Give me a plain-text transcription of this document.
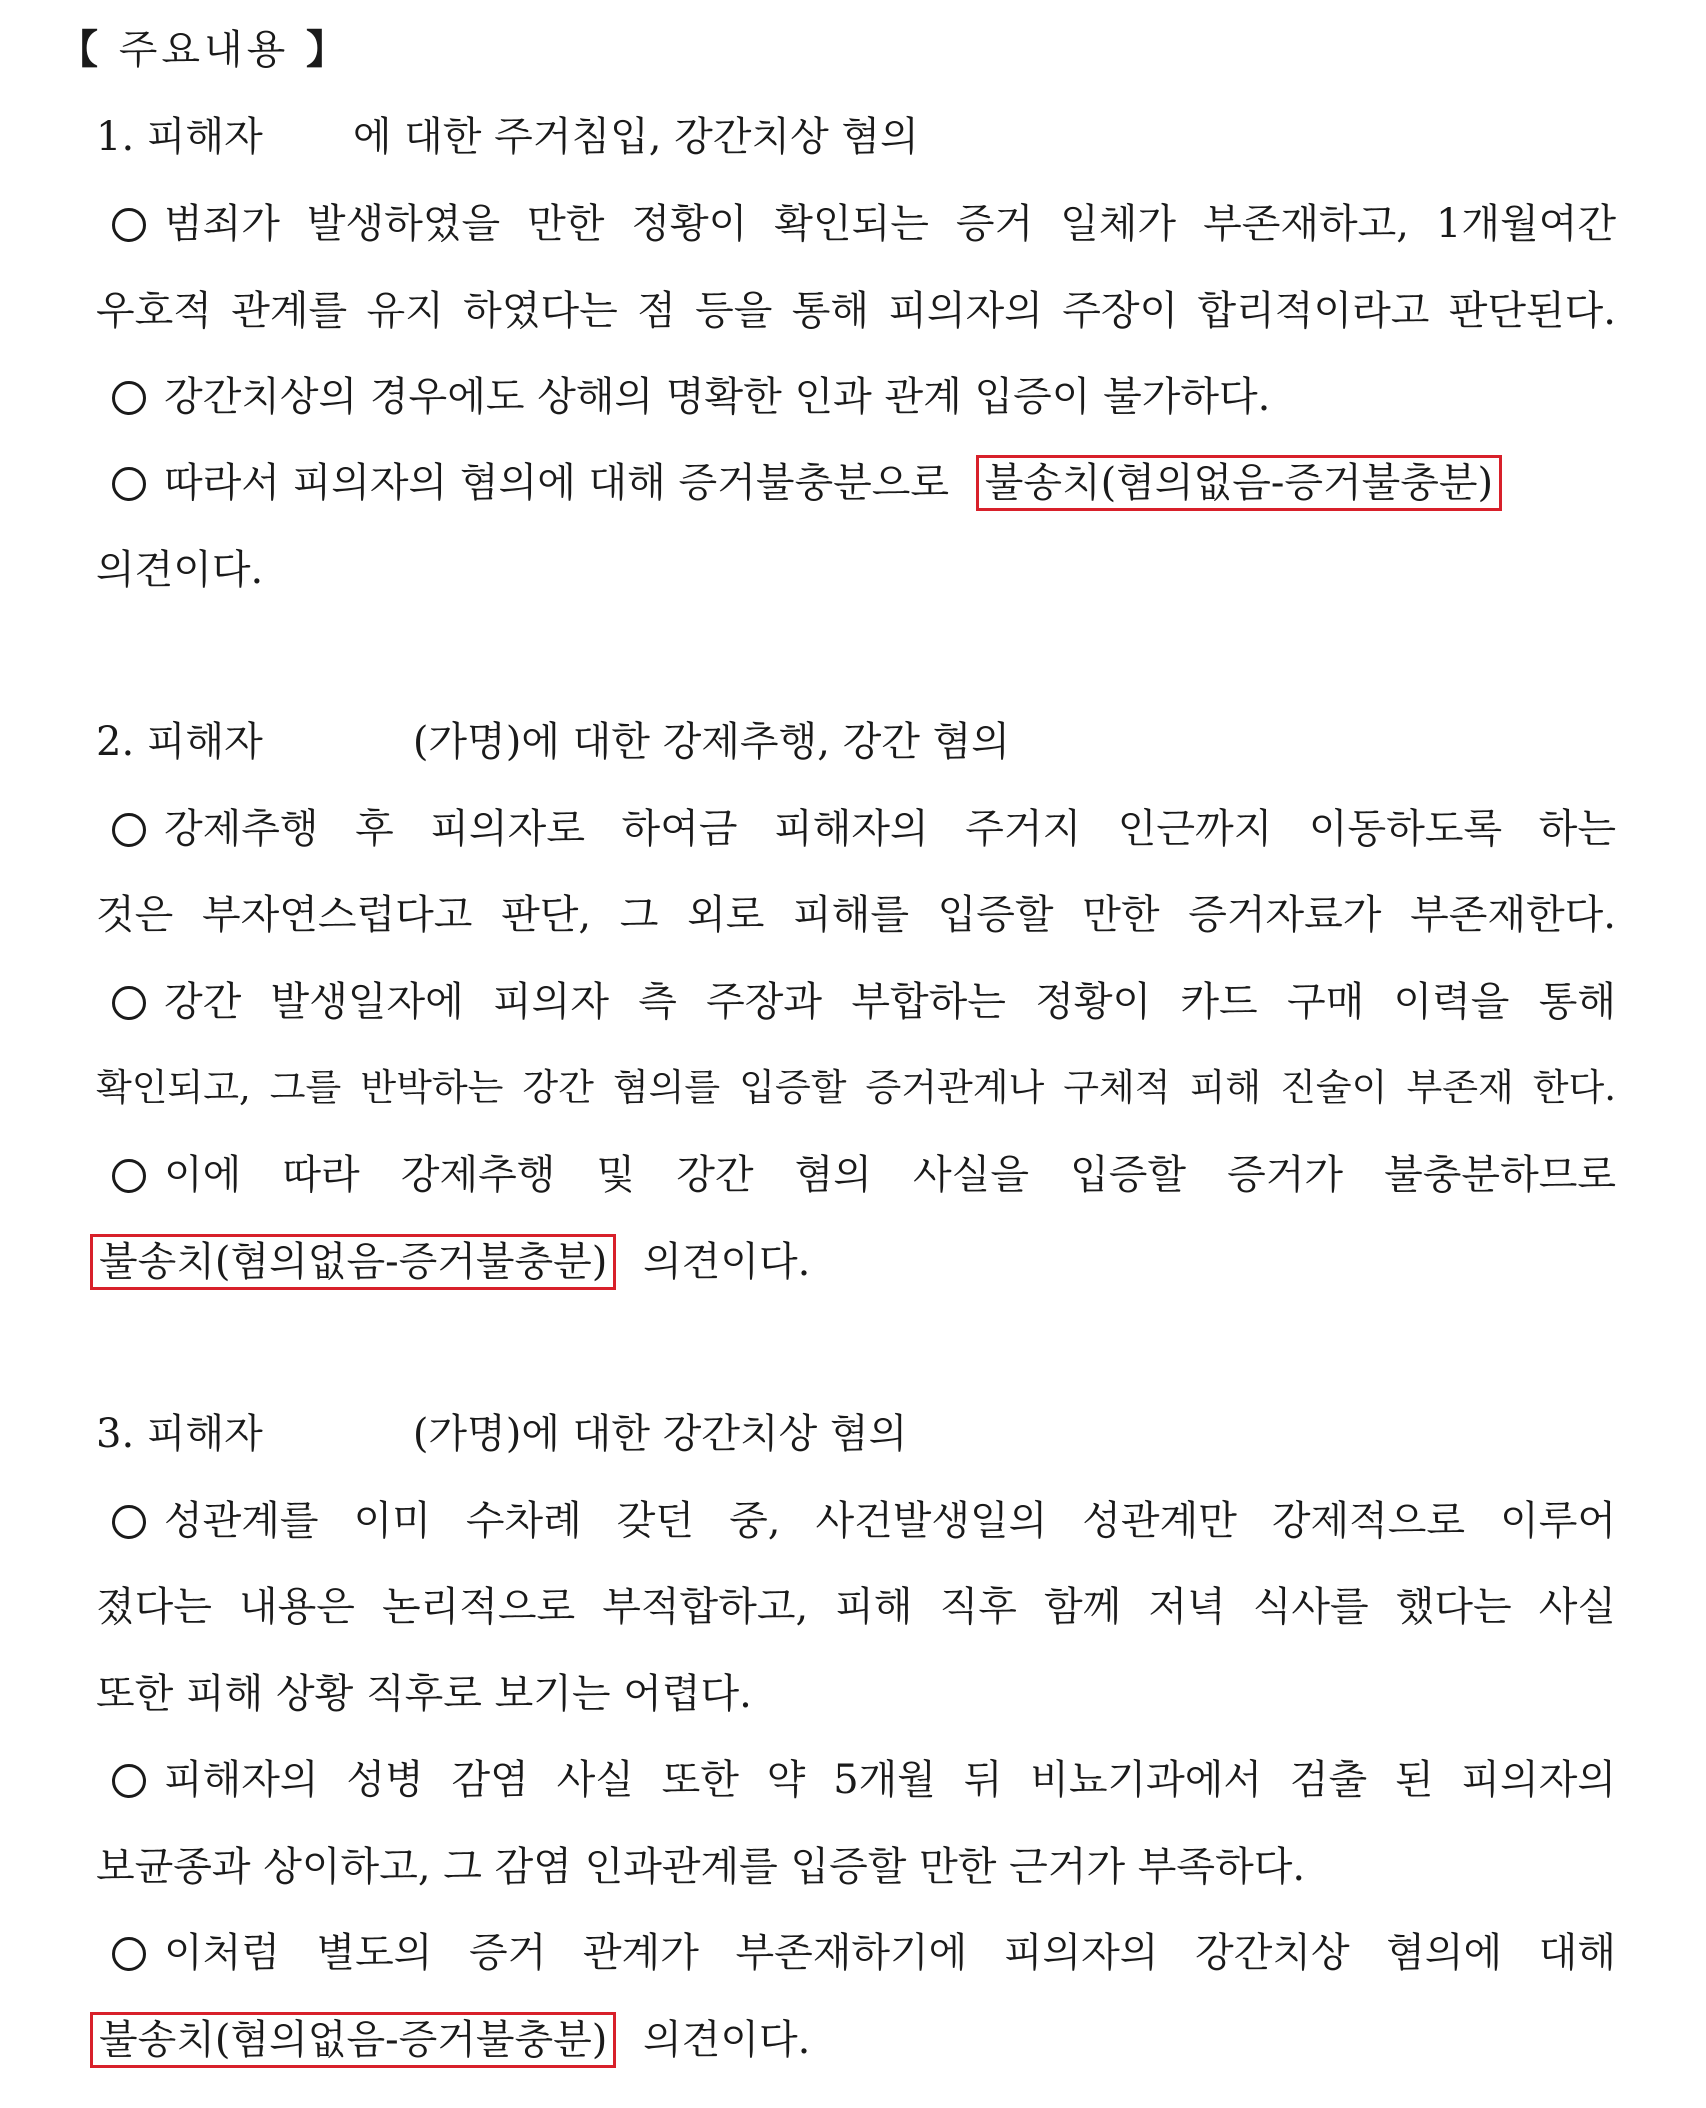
【 주요내용 】
1. 피해자 에 대한 주거침입, 강간치상 혐의
범죄가 발생하였을 만한 정황이 확인되는 증거 일체가 부존재하고, 1개월여간
우호적 관계를 유지 하였다는 점 등을 통해 피의자의 주장이 합리적이라고 판단된다.
강간치상의 경우에도 상해의 명확한 인과 관계 입증이 불가하다.
따라서 피의자의 혐의에 대해 증거불충분으로 불송치(혐의없음-증거불충분)
의견이다.
2. 피해자	(가명)에 대한 강제추행, 강간 혐의
강제추행 후 피의자로 하여금 피해자의 주거지 인근까지 이동하도록 하는
것은 부자연스럽다고 판단, 그 외로 피해를 입증할 만한 증거자료가 부존재한다.
강간 발생일자에 피의자 측 주장과 부합하는 정황이 카드 구매 이력을 통해
확인되고, 그를 반박하는 강간 혐의를 입증할 증거관계나 구체적 피해 진술이 부존재 한다.
이에 따라 강제추행 및 강간 혐의 사실을 입증할 증거가 불충분하므로
불송치(혐의없음-증거불충분) 의견이다.
3. 피해자	(가명)에 대한 강간치상 혐의
성관계를 이미 수차례 갖던 중, 사건발생일의 성관계만 강제적으로 이루어
졌다는 내용은 논리적으로 부적합하고, 피해 직후 함께 저녁 식사를 했다는 사실
또한 피해 상황 직후로 보기는 어렵다.
피해자의 성병 감염 사실 또한 약 5개월 뒤 비뇨기과에서 검출 된 피의자의
보균종과 상이하고, 그 감염 인과관계를 입증할 만한 근거가 부족하다.
이처럼 별도의 증거 관계가 부존재하기에 피의자의 강간치상 혐의에 대해
불송치(혐의없음-증거불충분) 의견이다.
